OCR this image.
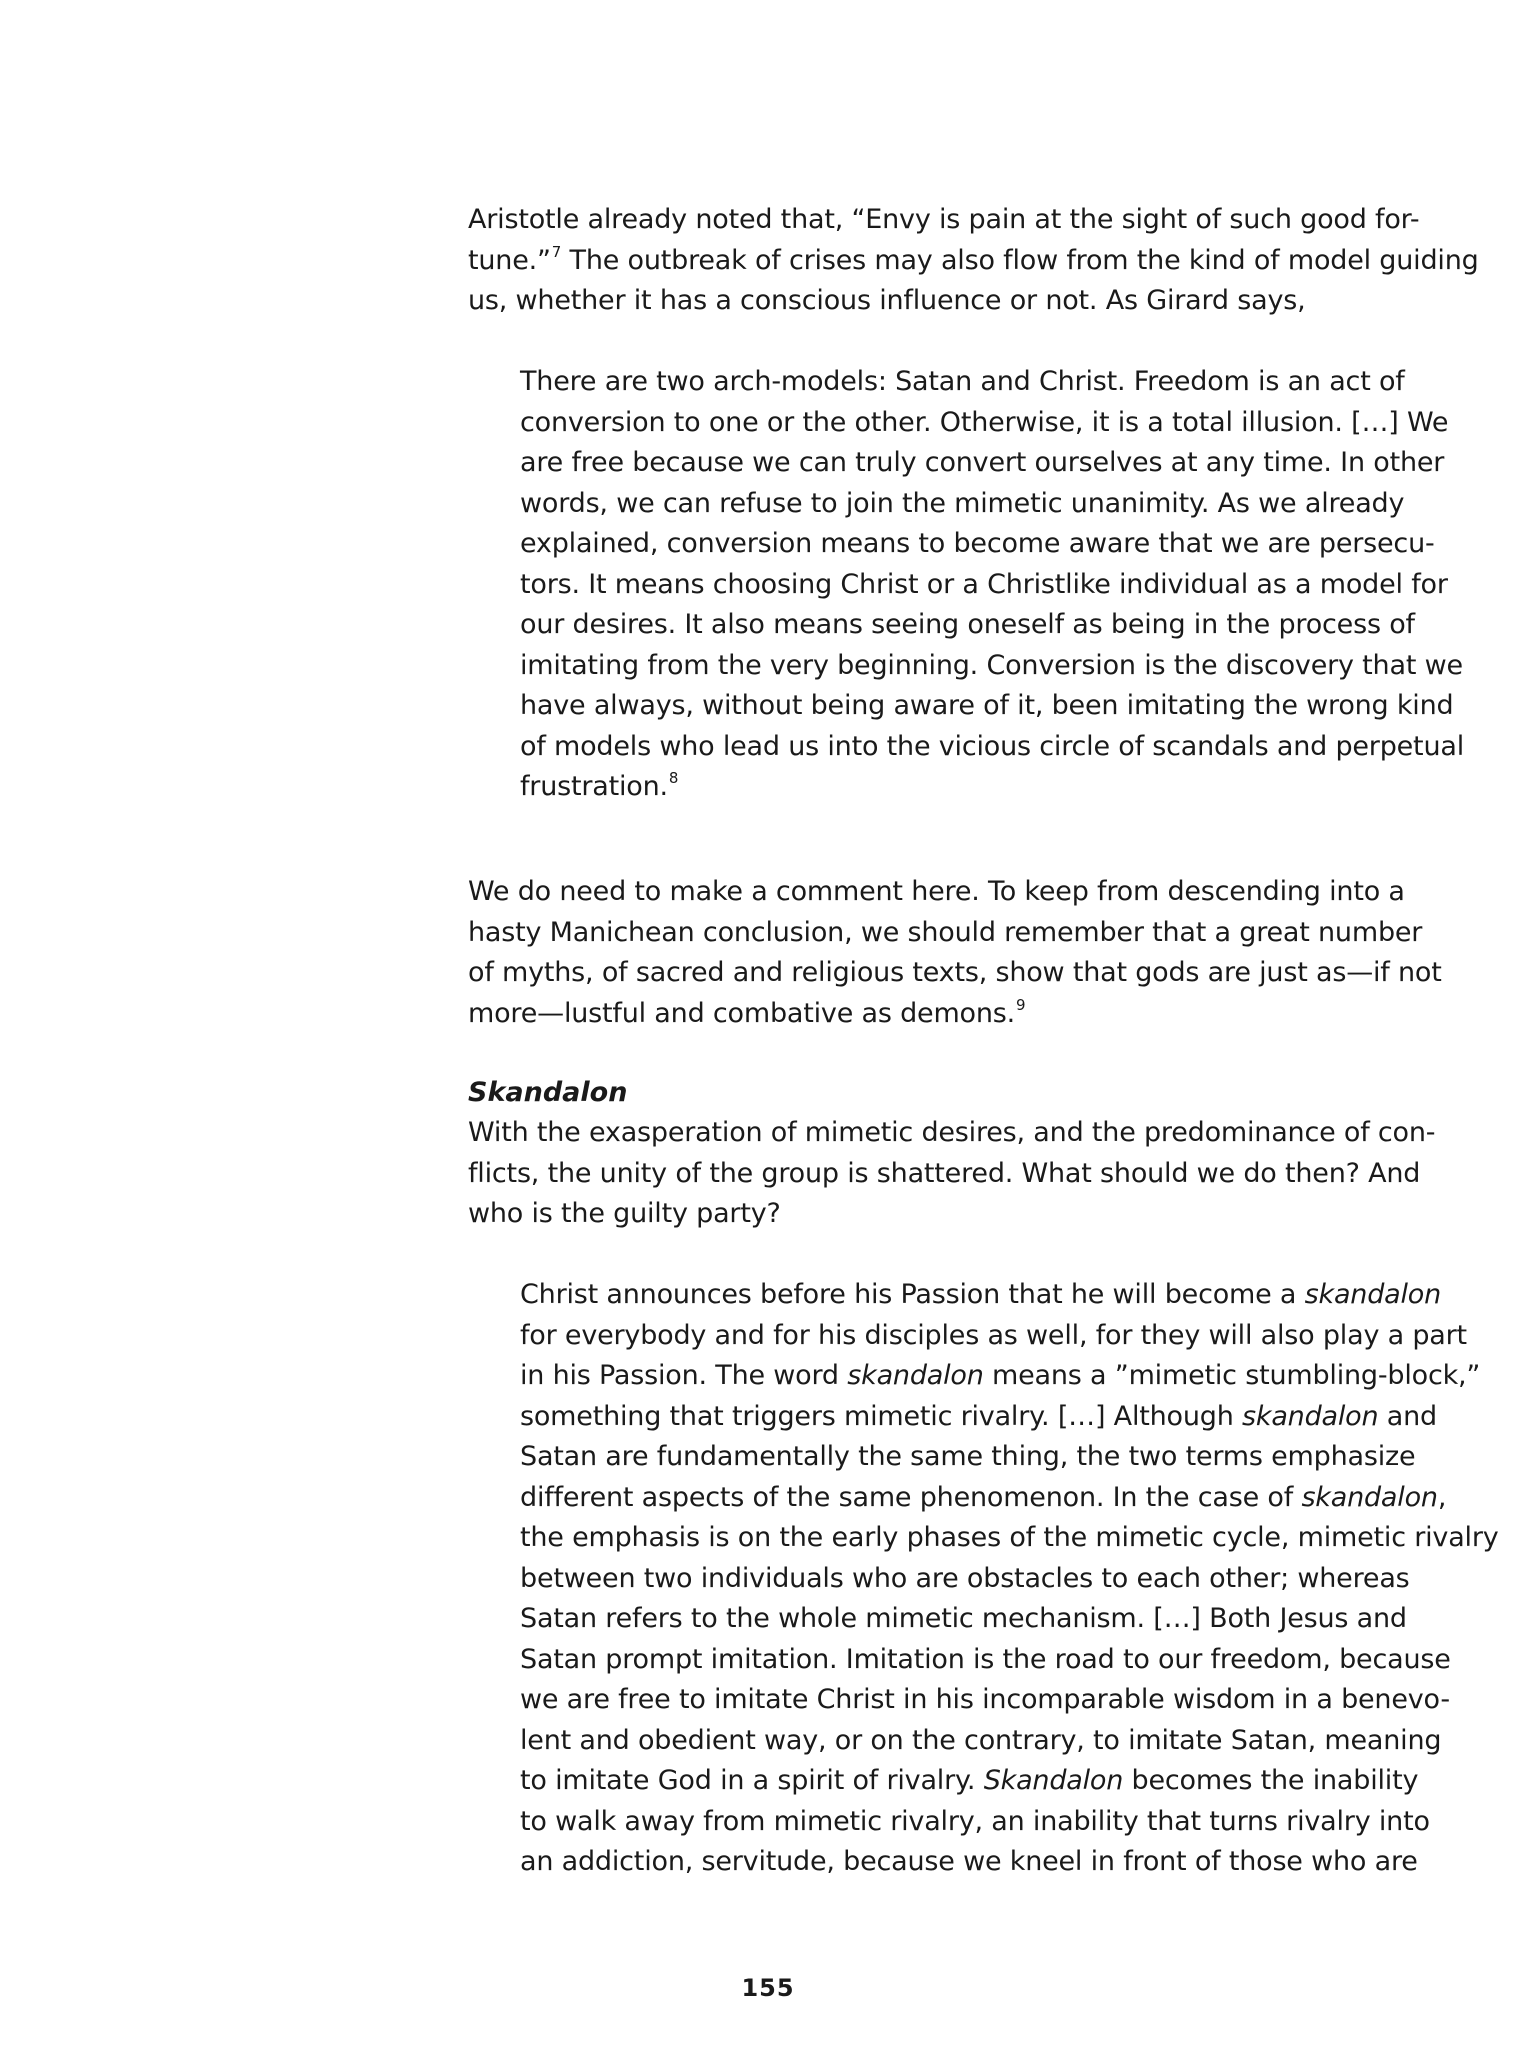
Aristotle already noted that, “Envy is pain at the sight of such good for-
tune.”$^7$ The outbreak of crises may also flow from the kind of model guiding
us, whether it has a conscious influence or not. As Girard says,

There are two arch-models: Satan and Christ. Freedom is an act of
conversion to one or the other. Otherwise, it is a total illusion. […] We
are free because we can truly convert ourselves at any time. In other
words, we can refuse to join the mimetic unanimity. As we already
explained, conversion means to become aware that we are persecu-
tors. It means choosing Christ or a Christlike individual as a model for
our desires. It also means seeing oneself as being in the process of
imitating from the very beginning. Conversion is the discovery that we
have always, without being aware of it, been imitating the wrong kind
of models who lead us into the vicious circle of scandals and perpetual
frustration.$^8$

We do need to make a comment here. To keep from descending into a
hasty Manichean conclusion, we should remember that a great number
of myths, of sacred and religious texts, show that gods are just as—if not
more—lustful and combative as demons.$^9$

Skandalon

With the exasperation of mimetic desires, and the predominance of con-
flicts, the unity of the group is shattered. What should we do then? And
who is the guilty party?

Christ announces before his Passion that he will become a skandalon
for everybody and for his disciples as well, for they will also play a part
in his Passion. The word skandalon means a ”mimetic stumbling-block,”
something that triggers mimetic rivalry. […] Although skandalon and
Satan are fundamentally the same thing, the two terms emphasize
different aspects of the same phenomenon. In the case of skandalon,
the emphasis is on the early phases of the mimetic cycle, mimetic rivalry
between two individuals who are obstacles to each other; whereas
Satan refers to the whole mimetic mechanism. […] Both Jesus and
Satan prompt imitation. Imitation is the road to our freedom, because
we are free to imitate Christ in his incomparable wisdom in a benevo-
lent and obedient way, or on the contrary, to imitate Satan, meaning
to imitate God in a spirit of rivalry. Skandalon becomes the inability
to walk away from mimetic rivalry, an inability that turns rivalry into
an addiction, servitude, because we kneel in front of those who are
155
